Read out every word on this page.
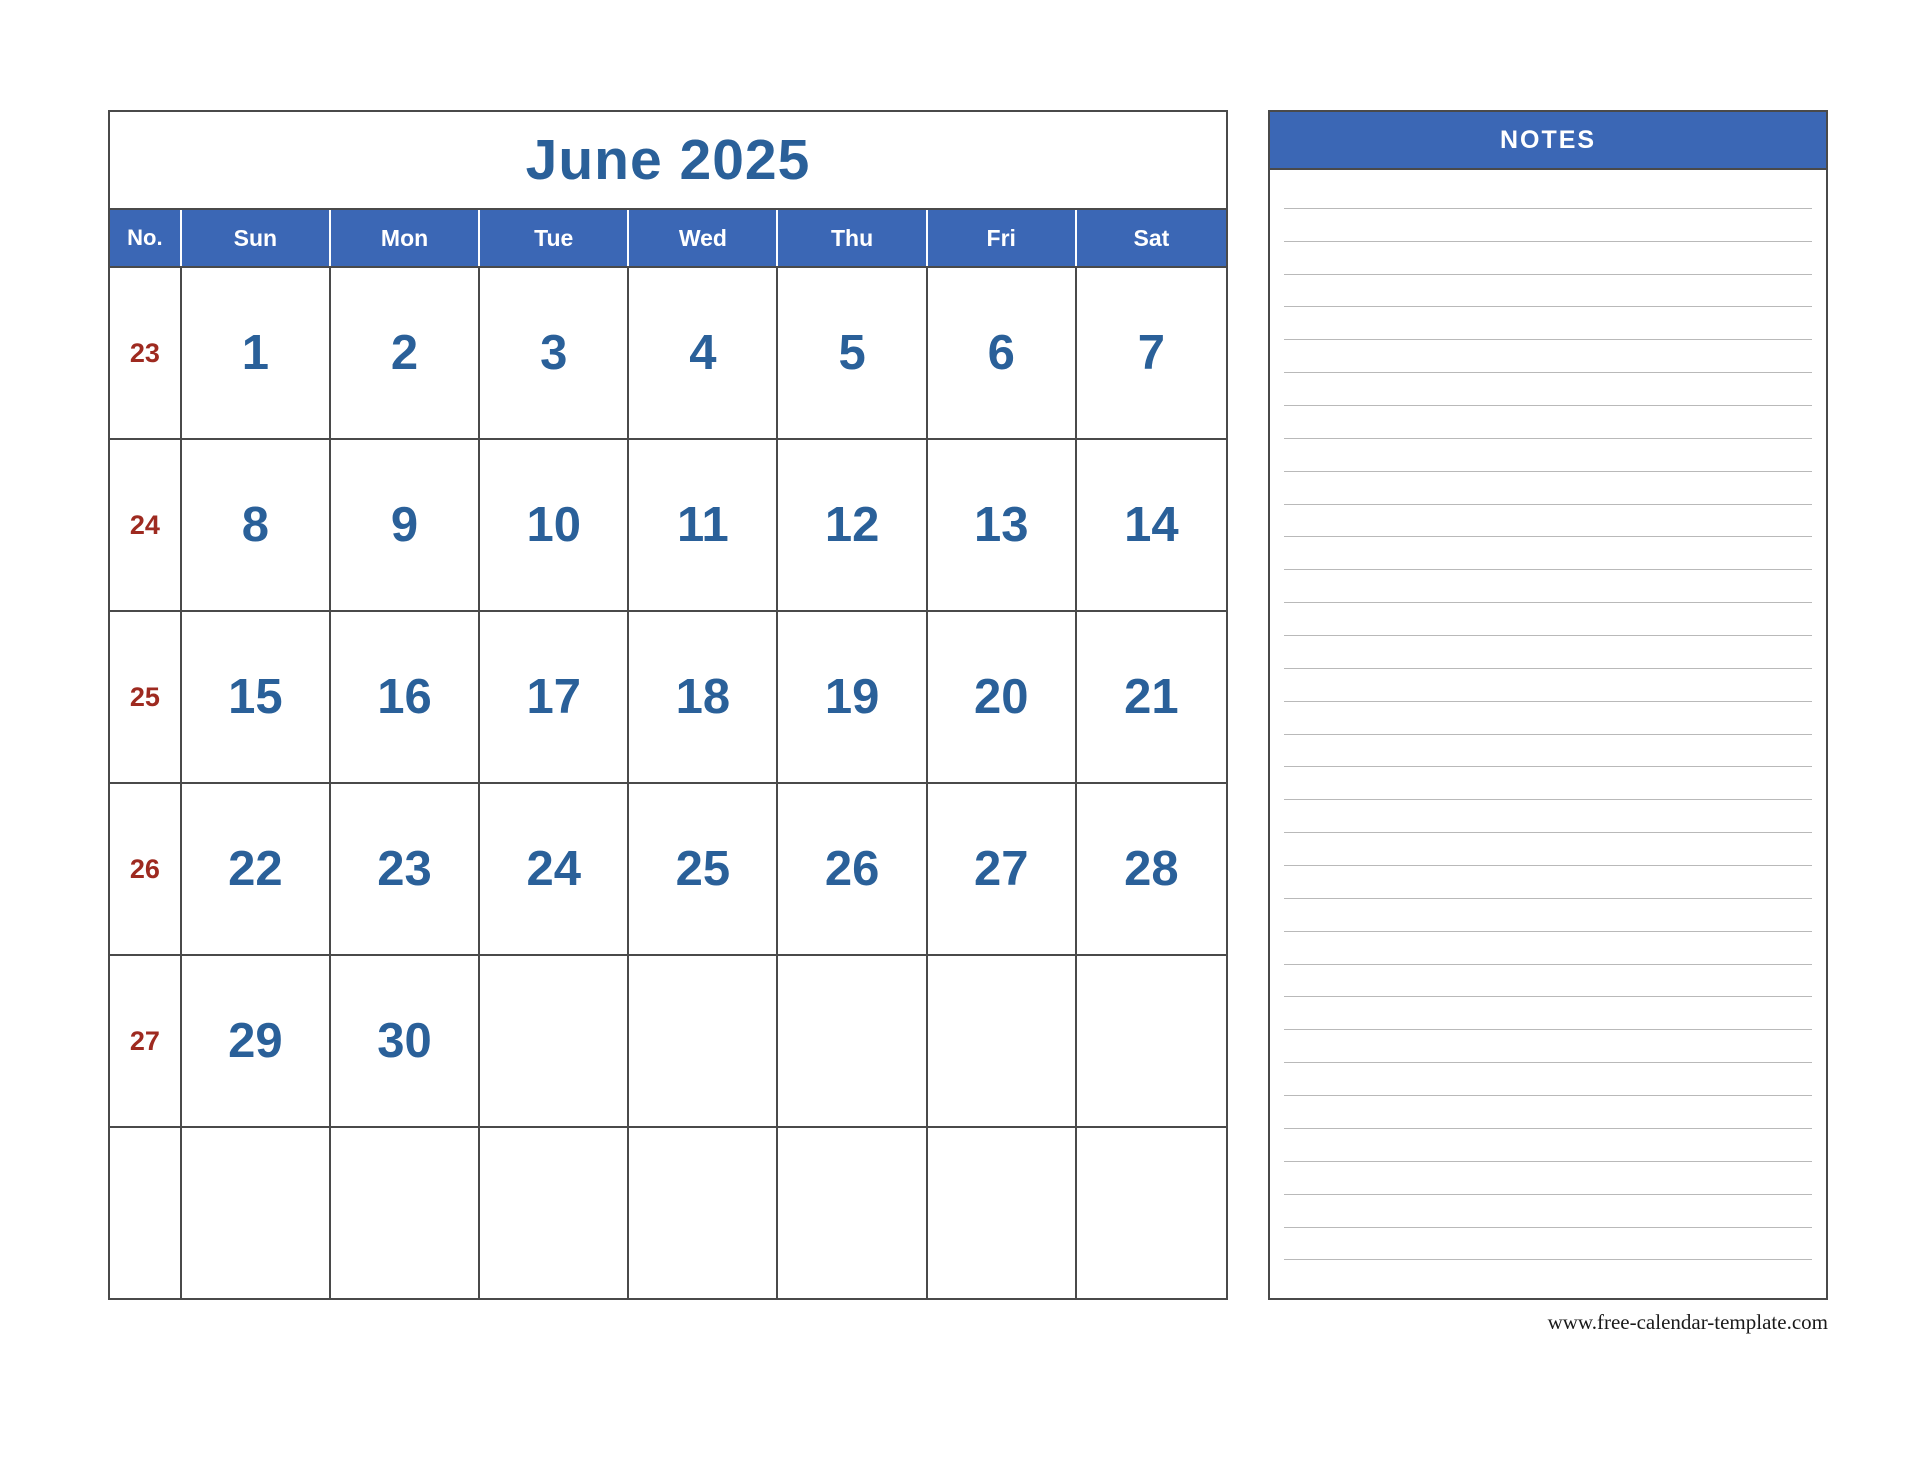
June 2025
No.	Sun	Mon	Tue	Wed	Thu	Fri	Sat
23	1	2	3	4	5	6	7
24	8	9	10	11	12	13	14
25	15	16	17	18	19	20	21
26	22	23	24	25	26	27	28
27	29	30
NOTES
www.free-calendar-template.com
